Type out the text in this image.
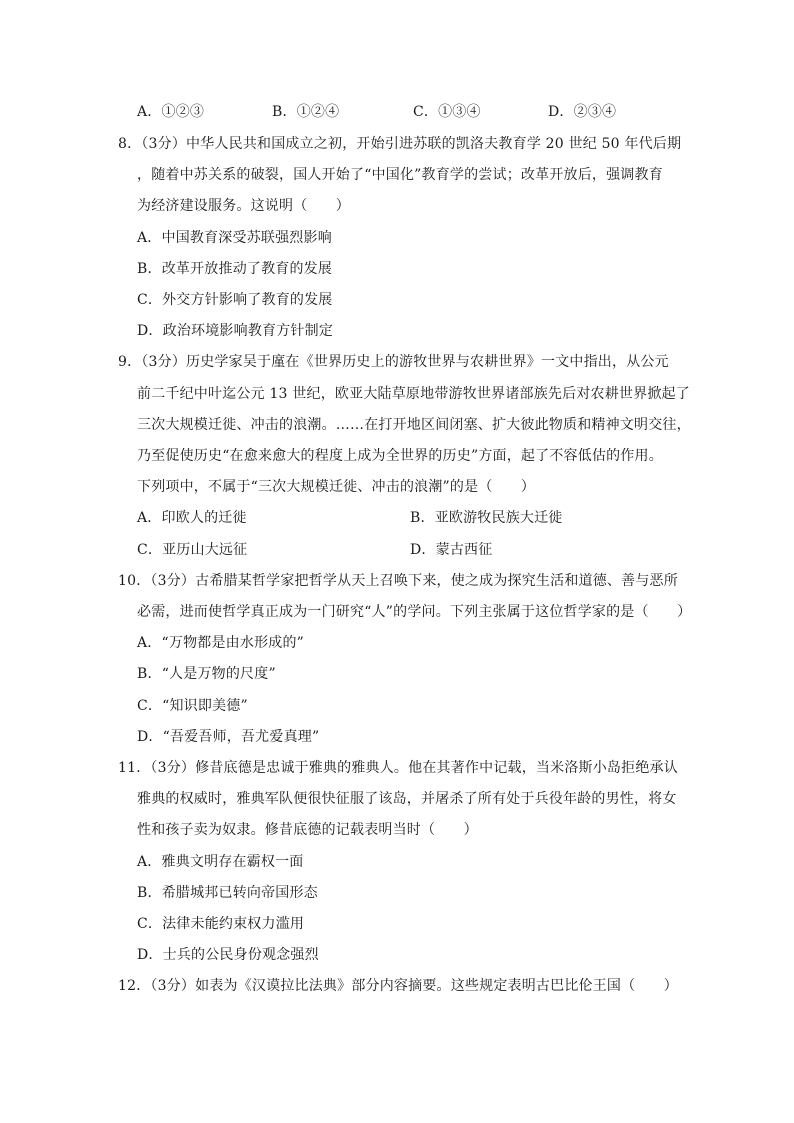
A．①②③	B．①②④	C．①③④	D．②③④
8．（3分）中华人民共和国成立之初，开始引进苏联的凯洛夫教育学 20 世纪 50 年代后期
，随着中苏关系的破裂，国人开始了“中国化”教育学的尝试；改革开放后，强调教育
为经济建设服务。这说明（　　）
A．中国教育深受苏联强烈影响
B．改革开放推动了教育的发展
C．外交方针影响了教育的发展
D．政治环境影响教育方针制定
9．（3分）历史学家吴于廑在《世界历史上的游牧世界与农耕世界》一文中指出，从公元
前二千纪中叶迄公元 13 世纪，欧亚大陆草原地带游牧世界诸部族先后对农耕世界掀起了
三次大规模迁徙、冲击的浪潮。……在打开地区间闭塞、扩大彼此物质和精神文明交往，
乃至促使历史“在愈来愈大的程度上成为全世界的历史”方面，起了不容低估的作用。
下列项中，不属于“三次大规模迁徙、冲击的浪潮”的是（　　）
A．印欧人的迁徙	B．亚欧游牧民族大迁徙
C．亚历山大远征	D．蒙古西征
10．（3分）古希腊某哲学家把哲学从天上召唤下来，使之成为探究生活和道德、善与恶所
必需，进而使哲学真正成为一门研究“人”的学问。下列主张属于这位哲学家的是（　　）
A．“万物都是由水形成的”
B．“人是万物的尺度”
C．“知识即美德”
D．“吾爱吾师，吾尤爱真理”
11．（3分）修昔底德是忠诚于雅典的雅典人。他在其著作中记载，当米洛斯小岛拒绝承认
雅典的权威时，雅典军队便很快征服了该岛，并屠杀了所有处于兵役年龄的男性，将女
性和孩子卖为奴隶。修昔底德的记载表明当时（　　）
A．雅典文明存在霸权一面
B．希腊城邦已转向帝国形态
C．法律未能约束权力滥用
D．士兵的公民身份观念强烈
12．（3分）如表为《汉谟拉比法典》部分内容摘要。这些规定表明古巴比伦王国（　　）
